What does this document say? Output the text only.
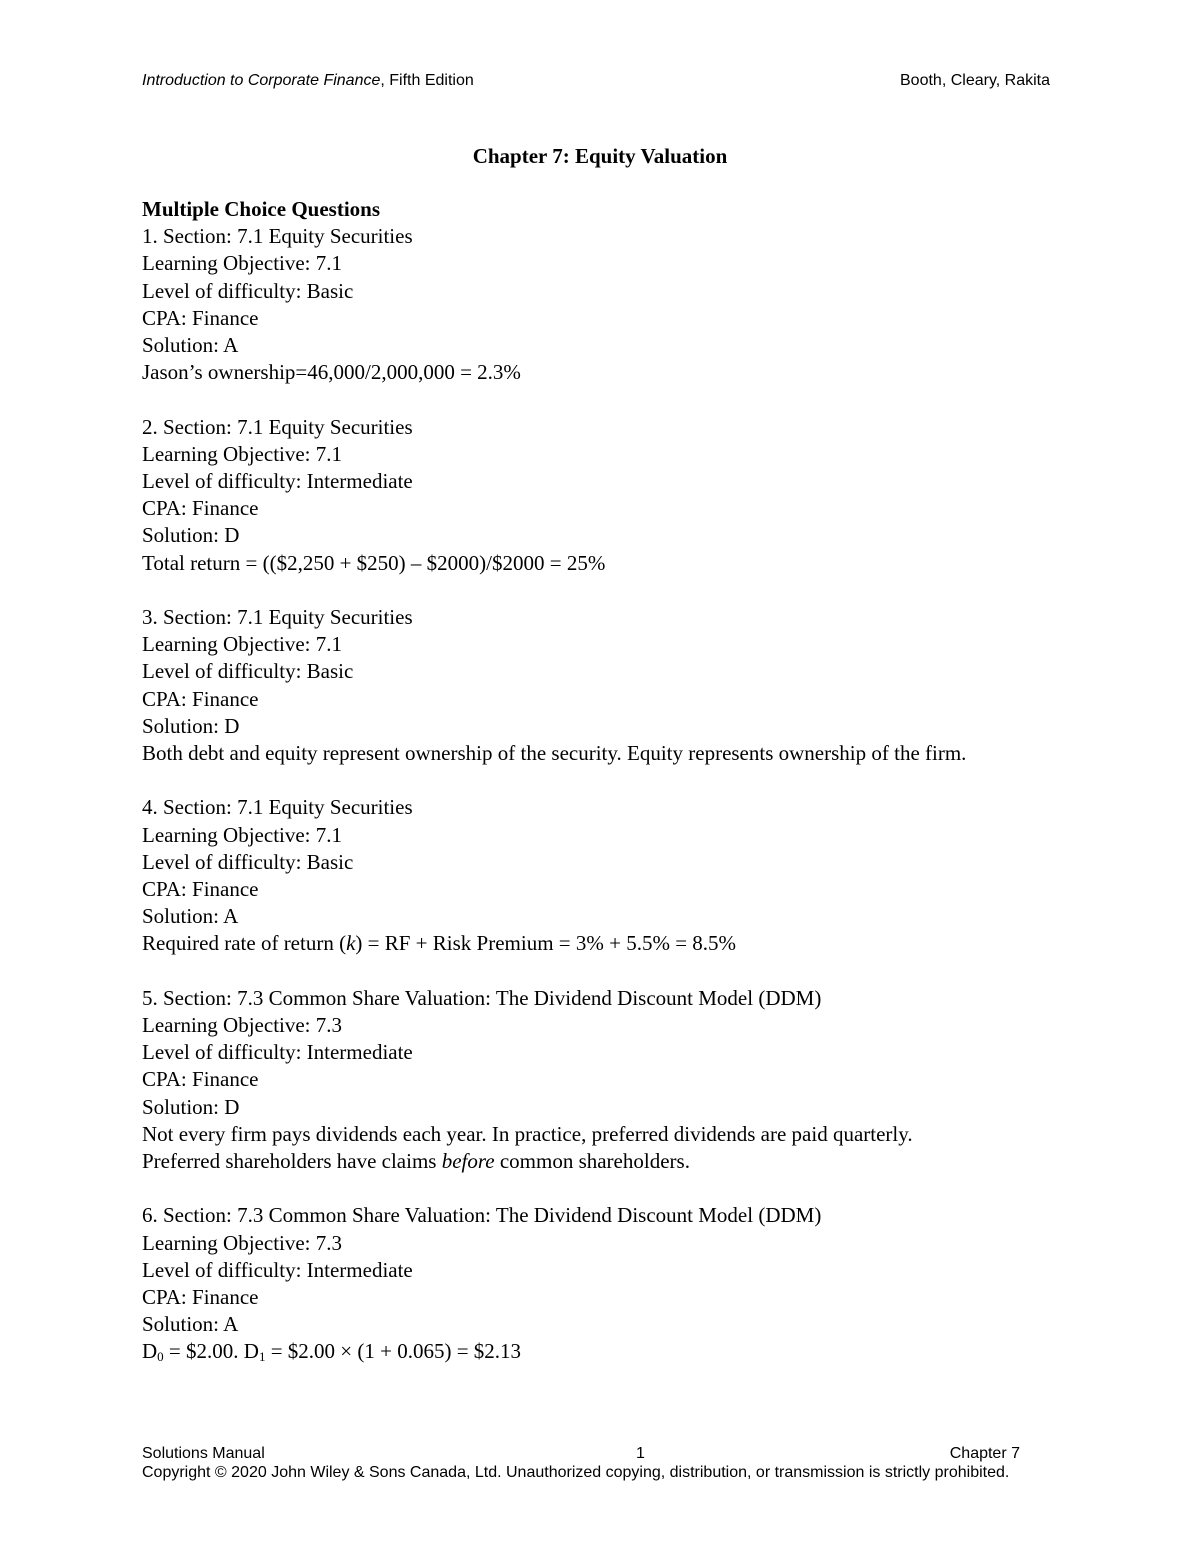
Introduction to Corporate Finance, Fifth Edition	Booth, Cleary, Rakita
Chapter 7: Equity Valuation
Multiple Choice Questions
1. Section: 7.1 Equity Securities
Learning Objective: 7.1
Level of difficulty: Basic
CPA: Finance
Solution: A
Jason’s ownership=46,000/2,000,000 = 2.3%
2. Section: 7.1 Equity Securities
Learning Objective: 7.1
Level of difficulty: Intermediate
CPA: Finance
Solution: D
Total return = (($2,250 + $250) – $2000)/$2000 = 25%
3. Section: 7.1 Equity Securities
Learning Objective: 7.1
Level of difficulty: Basic
CPA: Finance
Solution: D
Both debt and equity represent ownership of the security. Equity represents ownership of the firm.
4. Section: 7.1 Equity Securities
Learning Objective: 7.1
Level of difficulty: Basic
CPA: Finance
Solution: A
Required rate of return (k) = RF + Risk Premium = 3% + 5.5% = 8.5%
5. Section: 7.3 Common Share Valuation: The Dividend Discount Model (DDM)
Learning Objective: 7.3
Level of difficulty: Intermediate
CPA: Finance
Solution: D
Not every firm pays dividends each year. In practice, preferred dividends are paid quarterly.
Preferred shareholders have claims before common shareholders.
6. Section: 7.3 Common Share Valuation: The Dividend Discount Model (DDM)
Learning Objective: 7.3
Level of difficulty: Intermediate
CPA: Finance
Solution: A
$D_0$ = $2.00. $D_1$ = $2.00 × (1 + 0.065) = $2.13
Solutions Manual	1	Chapter 7
Copyright © 2020 John Wiley & Sons Canada, Ltd. Unauthorized copying, distribution, or transmission is strictly prohibited.
